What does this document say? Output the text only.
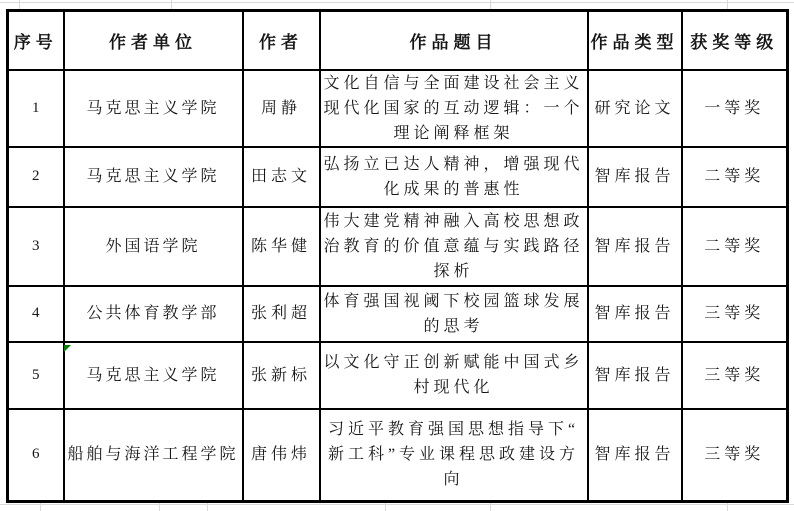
序号	作者单位	作者	作品题目	作品类型	获奖等级
1	马克思主义学院	周静	文化自信与全面建设社会主义现代化国家的互动逻辑：一个理论阐释框架	研究论文	一等奖
2	马克思主义学院	田志文	弘扬立已达人精神，增强现代化成果的普惠性	智库报告	二等奖
3	外国语学院	陈华健	伟大建党精神融入高校思想政治教育的价值意蕴与实践路径探析	智库报告	二等奖
4	公共体育教学部	张利超	体育强国视阈下校园篮球发展的思考	智库报告	三等奖
5	马克思主义学院	张新标	以文化守正创新赋能中国式乡村现代化	智库报告	三等奖
6	船舶与海洋工程学院	唐伟炜	习近平教育强国思想指导下“新工科”专业课程思政建设方向	智库报告	三等奖
